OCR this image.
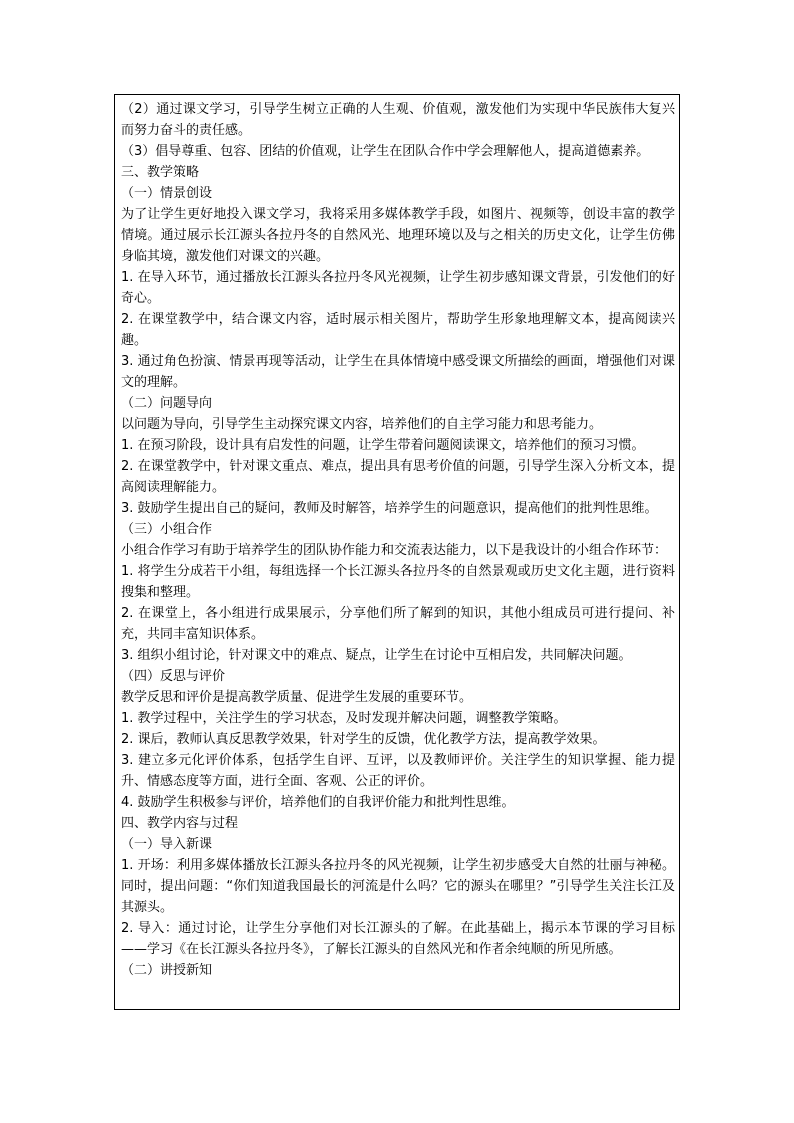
（2）通过课文学习，引导学生树立正确的人生观、价值观，激发他们为实现中华民族伟大复兴而努力奋斗的责任感。

（3）倡导尊重、包容、团结的价值观，让学生在团队合作中学会理解他人，提高道德素养。

三、教学策略

（一）情景创设

为了让学生更好地投入课文学习，我将采用多媒体教学手段，如图片、视频等，创设丰富的教学情境。通过展示长江源头各拉丹冬的自然风光、地理环境以及与之相关的历史文化，让学生仿佛身临其境，激发他们对课文的兴趣。

1. 在导入环节，通过播放长江源头各拉丹冬风光视频，让学生初步感知课文背景，引发他们的好奇心。

2. 在课堂教学中，结合课文内容，适时展示相关图片，帮助学生形象地理解文本，提高阅读兴趣。

3. 通过角色扮演、情景再现等活动，让学生在具体情境中感受课文所描绘的画面，增强他们对课文的理解。

（二）问题导向

以问题为导向，引导学生主动探究课文内容，培养他们的自主学习能力和思考能力。

1. 在预习阶段，设计具有启发性的问题，让学生带着问题阅读课文，培养他们的预习习惯。

2. 在课堂教学中，针对课文重点、难点，提出具有思考价值的问题，引导学生深入分析文本，提高阅读理解能力。

3. 鼓励学生提出自己的疑问，教师及时解答，培养学生的问题意识，提高他们的批判性思维。

（三）小组合作

小组合作学习有助于培养学生的团队协作能力和交流表达能力，以下是我设计的小组合作环节：

1. 将学生分成若干小组，每组选择一个长江源头各拉丹冬的自然景观或历史文化主题，进行资料搜集和整理。

2. 在课堂上，各小组进行成果展示，分享他们所了解到的知识，其他小组成员可进行提问、补充，共同丰富知识体系。

3. 组织小组讨论，针对课文中的难点、疑点，让学生在讨论中互相启发，共同解决问题。

（四）反思与评价

教学反思和评价是提高教学质量、促进学生发展的重要环节。

1. 教学过程中，关注学生的学习状态，及时发现并解决问题，调整教学策略。

2. 课后，教师认真反思教学效果，针对学生的反馈，优化教学方法，提高教学效果。

3. 建立多元化评价体系，包括学生自评、互评，以及教师评价。关注学生的知识掌握、能力提升、情感态度等方面，进行全面、客观、公正的评价。

4. 鼓励学生积极参与评价，培养他们的自我评价能力和批判性思维。

四、教学内容与过程

（一）导入新课

1. 开场：利用多媒体播放长江源头各拉丹冬的风光视频，让学生初步感受大自然的壮丽与神秘。同时，提出问题：“你们知道我国最长的河流是什么吗？它的源头在哪里？”引导学生关注长江及其源头。

2. 导入：通过讨论，让学生分享他们对长江源头的了解。在此基础上，揭示本节课的学习目标——学习《在长江源头各拉丹冬》，了解长江源头的自然风光和作者余纯顺的所见所感。

（二）讲授新知
